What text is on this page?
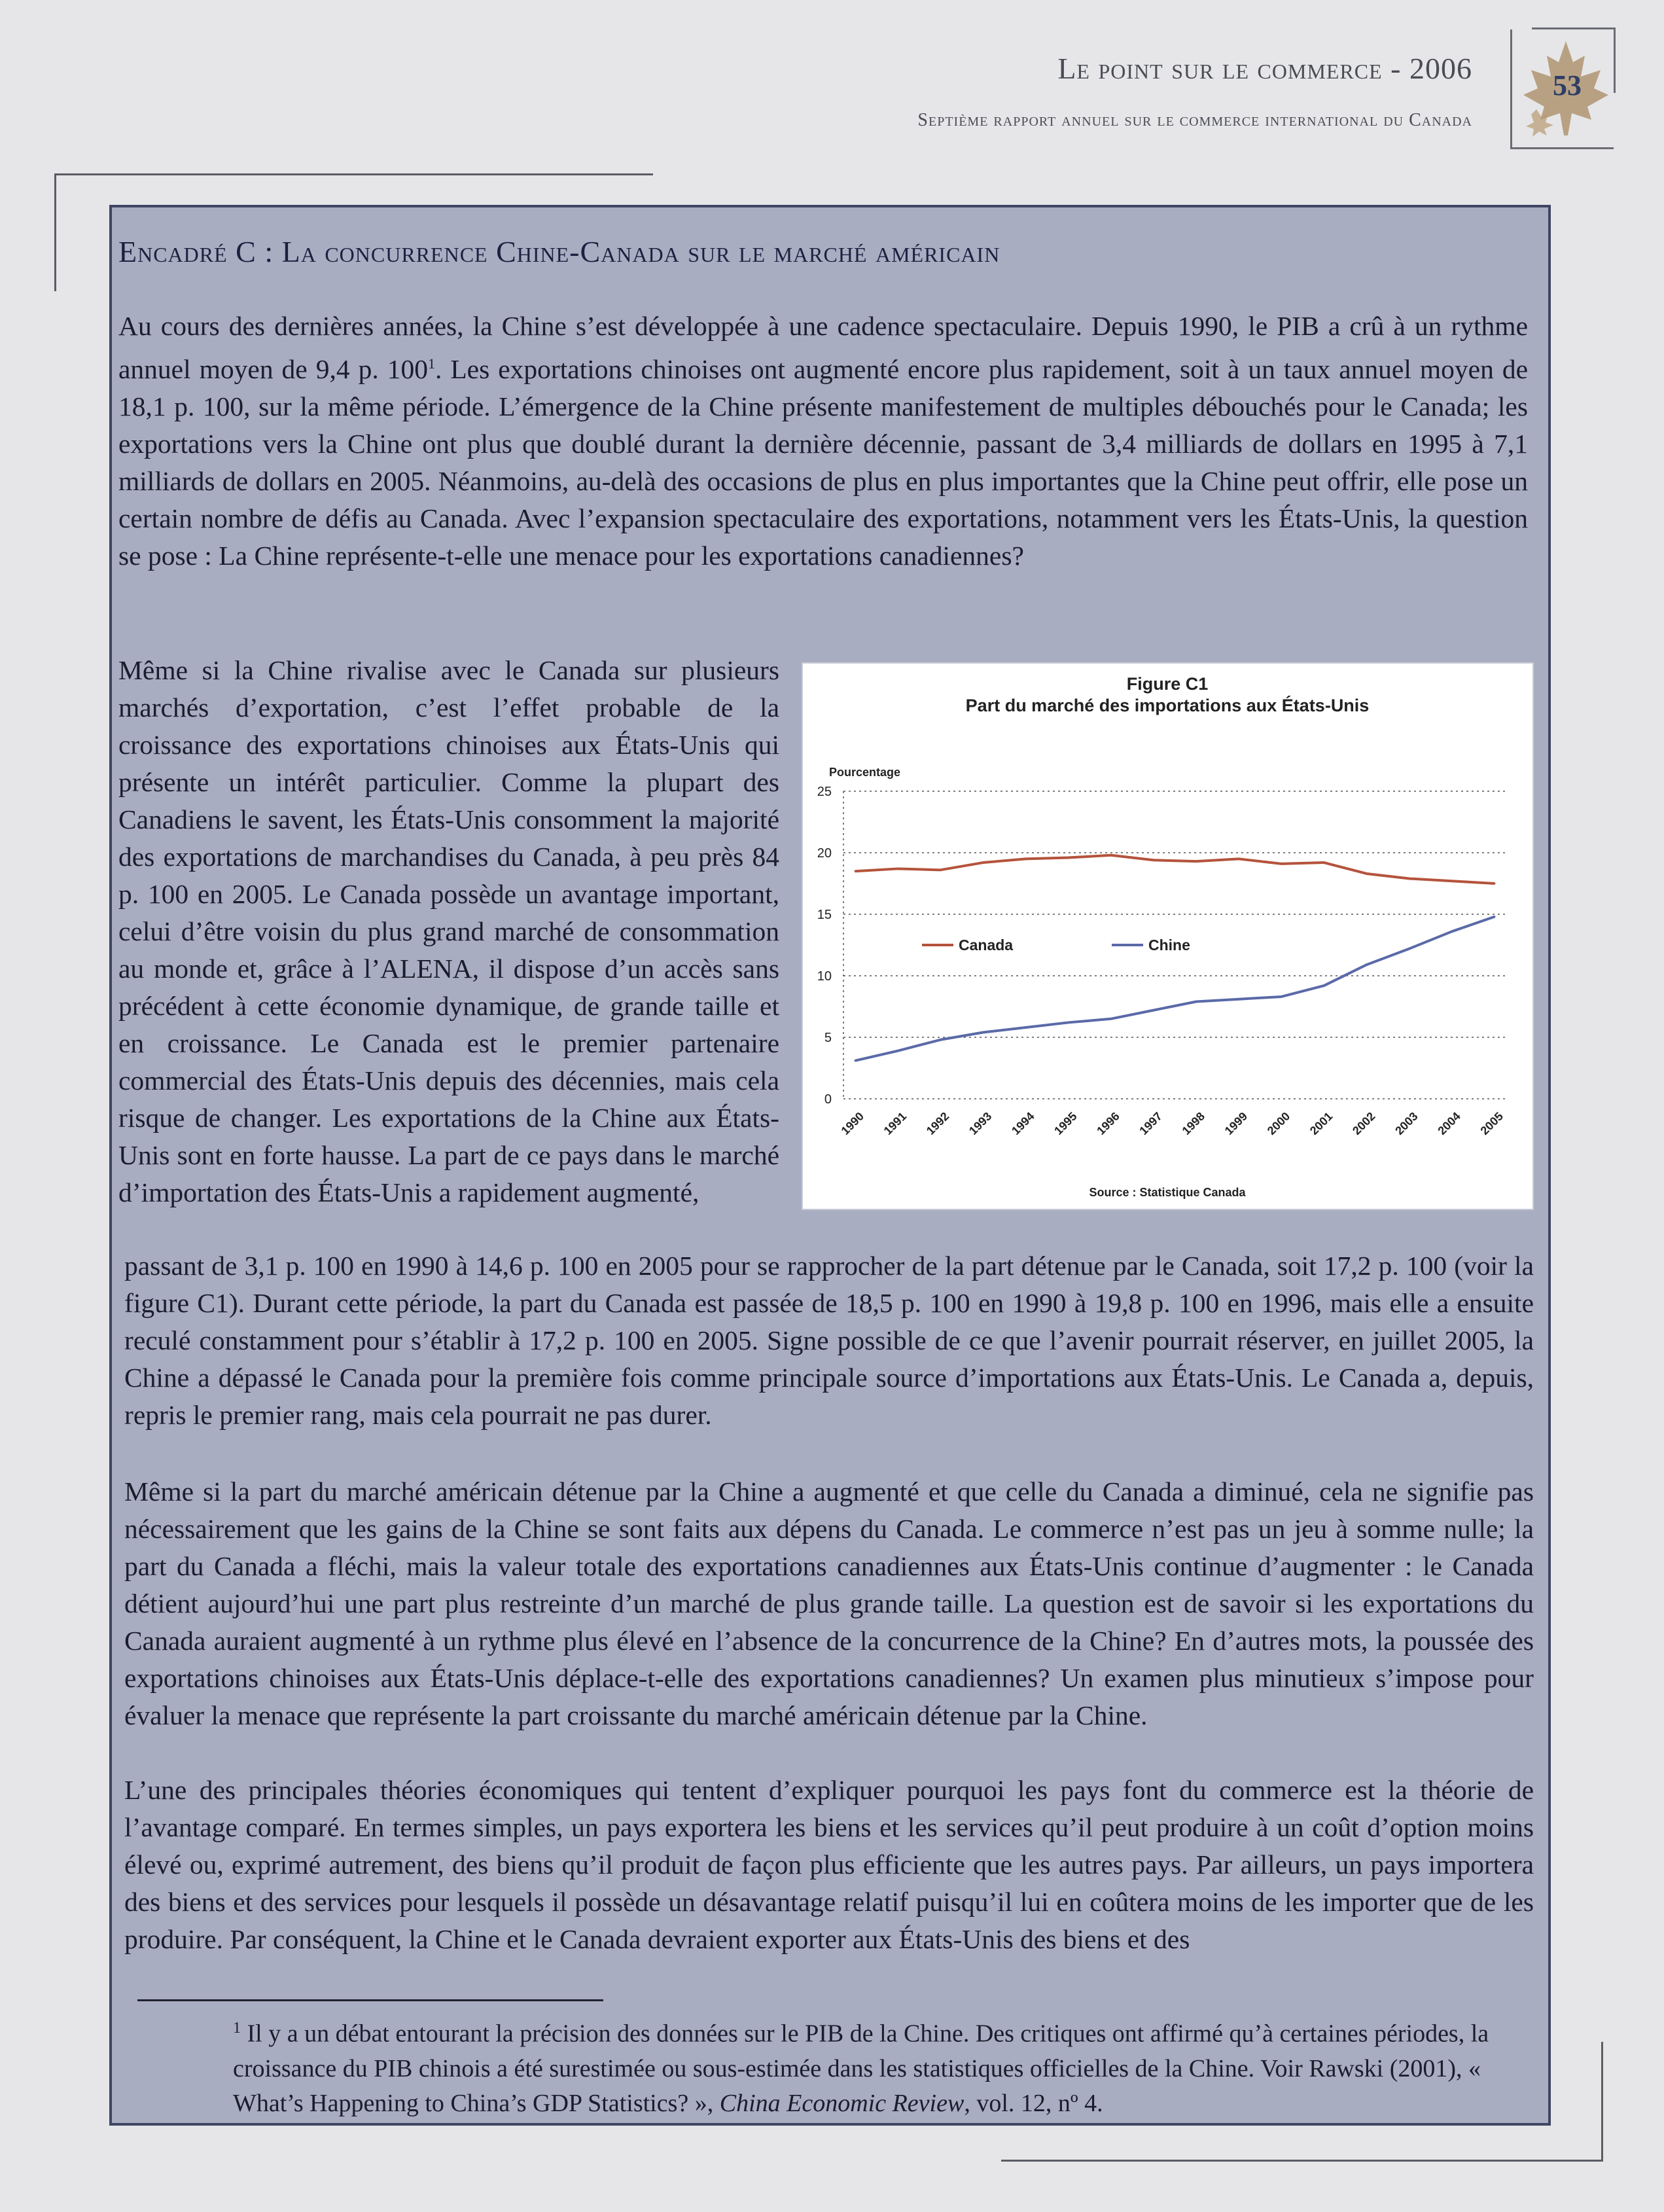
Le point sur le commerce - 2006
Septième rapport annuel sur le commerce international du Canada
53
Encadré C : La concurrence Chine-Canada sur le marché américain

Au cours des dernières années, la Chine s’est développée à une cadence spectaculaire. Depuis 1990, le PIB a crû à un rythme annuel moyen de 9,4 p. $100^1$. Les exportations chinoises ont augmenté encore plus rapidement, soit à un taux annuel moyen de 18,1 p. 100, sur la même période. L’émergence de la Chine présente manifestement de multiples débouchés pour le Canada; les exportations vers la Chine ont plus que doublé durant la dernière décennie, passant de 3,4 milliards de dollars en 1995 à 7,1 milliards de dollars en 2005. Néanmoins, au-delà des occasions de plus en plus importantes que la Chine peut offrir, elle pose un certain nombre de défis au Canada. Avec l’expansion spectaculaire des exportations, notamment vers les États-Unis, la question se pose : La Chine représente-t-elle une menace pour les exportations canadiennes?

Même si la Chine rivalise avec le Canada sur plusieurs marchés d’exportation, c’est l’effet probable de la croissance des exportations chinoises aux États-Unis qui présente un intérêt particulier. Comme la plupart des Canadiens le savent, les États-Unis consomment la majorité des exportations de marchandises du Canada, à peu près 84 p. 100 en 2005. Le Canada possède un avantage important, celui d’être voisin du plus grand marché de consommation au monde et, grâce à l’ALENA, il dispose d’un accès sans précédent à cette économie dynamique, de grande taille et en croissance. Le Canada est le premier partenaire commercial des États-Unis depuis des décennies, mais cela risque de changer. Les exportations de la Chine aux États-Unis sont en forte hausse. La part de ce pays dans le marché d’importation des États-Unis a rapidement augmenté,

passant de 3,1 p. 100 en 1990 à 14,6 p. 100 en 2005 pour se rapprocher de la part détenue par le Canada, soit 17,2 p. 100 (voir la figure C1). Durant cette période, la part du Canada est passée de 18,5 p. 100 en 1990 à 19,8 p. 100 en 1996, mais elle a ensuite reculé constamment pour s’établir à 17,2 p. 100 en 2005. Signe possible de ce que l’avenir pourrait réserver, en juillet 2005, la Chine a dépassé le Canada pour la première fois comme principale source d’importations aux États-Unis. Le Canada a, depuis, repris le premier rang, mais cela pourrait ne pas durer.

Même si la part du marché américain détenue par la Chine a augmenté et que celle du Canada a diminué, cela ne signifie pas nécessairement que les gains de la Chine se sont faits aux dépens du Canada. Le commerce n’est pas un jeu à somme nulle; la part du Canada a fléchi, mais la valeur totale des exportations canadiennes aux États-Unis continue d’augmenter : le Canada détient aujourd’hui une part plus restreinte d’un marché de plus grande taille. La question est de savoir si les exportations du Canada auraient augmenté à un rythme plus élevé en l’absence de la concurrence de la Chine? En d’autres mots, la poussée des exportations chinoises aux États-Unis déplace-t-elle des exportations canadiennes? Un examen plus minutieux s’impose pour évaluer la menace que représente la part croissante du marché américain détenue par la Chine.

L’une des principales théories économiques qui tentent d’expliquer pourquoi les pays font du commerce est la théorie de l’avantage comparé. En termes simples, un pays exportera les biens et les services qu’il peut produire à un coût d’option moins élevé ou, exprimé autrement, des biens qu’il produit de façon plus efficiente que les autres pays. Par ailleurs, un pays importera des biens et des services pour lesquels il possède un désavantage relatif puisqu’il lui en coûtera moins de les importer que de les produire. Par conséquent, la Chine et le Canada devraient exporter aux États-Unis des biens et des

Figure C1
Part du marché des importations aux États-Unis
Pourcentage
Source : Statistique Canada
0
5
10
15
20
25
1990 1991 1992 1993 1994 1995 1996 1997 1998 1999 2000 2001 2002 2003 2004 2005
Canada	Chine

$^1$ Il y a un débat entourant la précision des données sur le PIB de la Chine. Des critiques ont affirmé qu’à certaines périodes, la croissance du PIB chinois a été surestimée ou sous-estimée dans les statistiques officielles de la Chine. Voir Rawski (2001), « What’s Happening to China’s GDP Statistics? », China Economic Review, vol. 12, nº 4.
